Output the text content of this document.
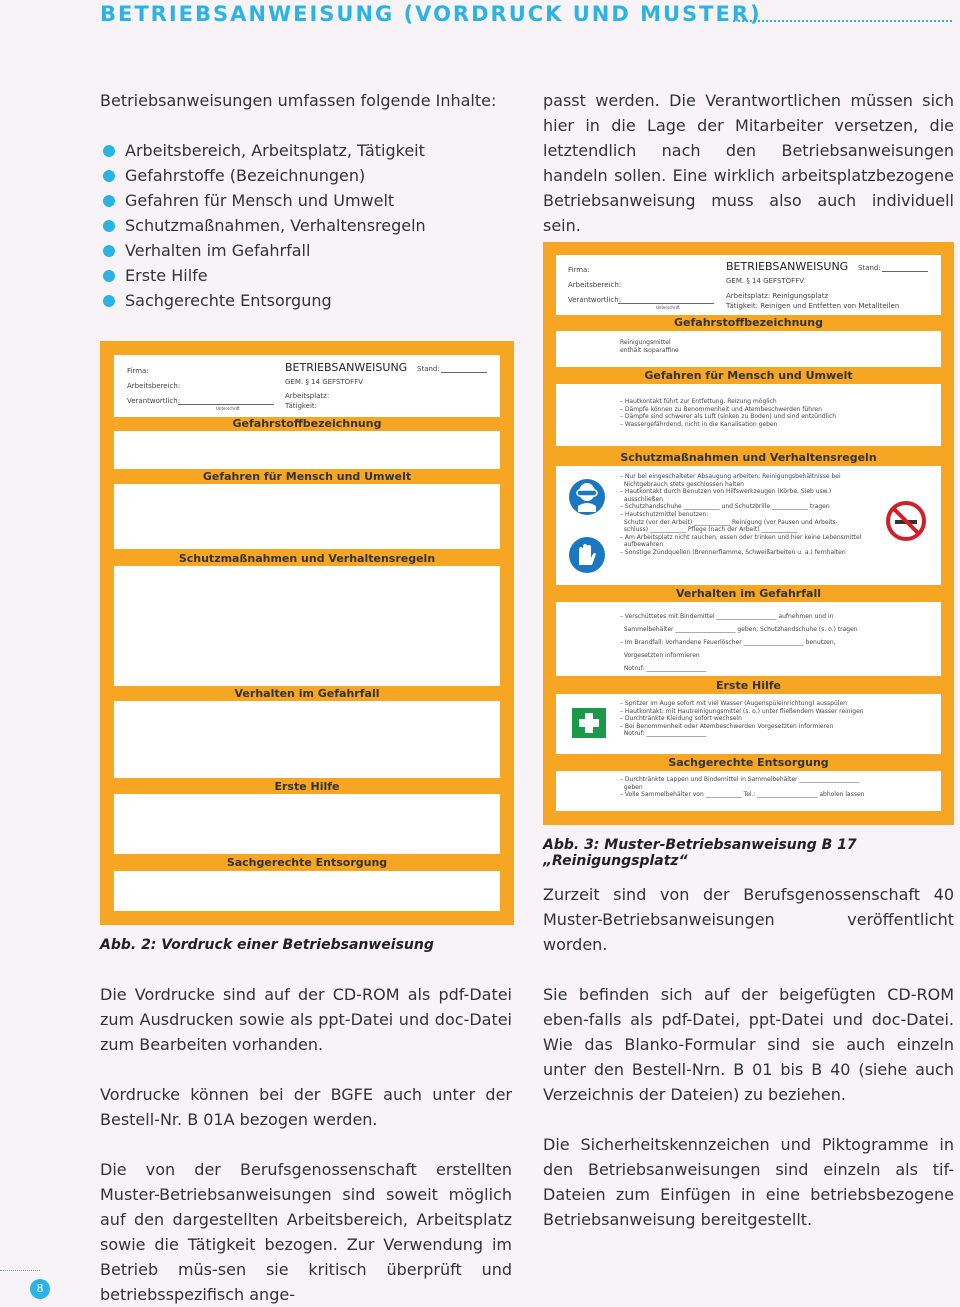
BETRIEBSANWEISUNG (VORDRUCK UND MUSTER)

Betriebsanweisungen umfassen folgende Inhalte:

Arbeitsbereich, Arbeitsplatz, Tätigkeit
Gefahrstoffe (Bezeichnungen)
Gefahren für Mensch und Umwelt
Schutzmaßnahmen, Verhaltensregeln
Verhalten im Gefahrfall
Erste Hilfe
Sachgerechte Entsorgung
Firma:
Arbeitsbereich:
Verantwortlich:
Unterschrift
BETRIEBSANWEISUNG
GEM. § 14 GEFSTOFFV
Stand:
Arbeitsplatz:
Tätigkeit:
Gefahrstoffbezeichnung
Gefahren für Mensch und Umwelt
Schutzmaßnahmen und Verhaltensregeln
Verhalten im Gefahrfall
Erste Hilfe
Sachgerechte Entsorgung
Abb. 2: Vordruck einer Betriebsanweisung

Die Vordrucke sind auf der CD-ROM als pdf-Datei zum Ausdrucken sowie als ppt-Datei und doc-Datei zum Bearbeiten vorhanden.

Vordrucke können bei der BGFE auch unter der Bestell-Nr. B 01A bezogen werden.

Die von der Berufsgenossenschaft erstellten Muster-Betriebsanweisungen sind soweit möglich auf den dargestellten Arbeitsbereich, Arbeitsplatz sowie die Tätigkeit bezogen. Zur Verwendung im Betrieb müs-sen sie kritisch überprüft und betriebsspezifisch ange-

passt werden. Die Verantwortlichen müssen sich hier in die Lage der Mitarbeiter versetzen, die letztendlich nach den Betriebsanweisungen handeln sollen. Eine wirklich arbeitsplatzbezogene Betriebsanweisung muss also auch individuell sein.

Firma:
Arbeitsbereich:
Verantwortlich:
Unterschrift
BETRIEBSANWEISUNG
GEM. § 14 GEFSTOFFV
Stand:
Arbeitsplatz: Reinigungsplatz
Tätigkeit: Reinigen und Entfetten von Metallteilen
Gefahrstoffbezeichnung
Reinigungsmittel
enthält Isoparaffine
Gefahren für Mensch und Umwelt
– Hautkontakt führt zur Entfettung, Reizung möglich
– Dämpfe können zu Benommenheit und Atembeschwerden führen
– Dämpfe sind schwerer als Luft (sinken zu Boden) und sind entzündlich
– Wassergefährdend, nicht in die Kanalisation geben
Schutzmaßnahmen und Verhaltensregeln
– Nur bei eingeschalteter Absaugung arbeiten; Reinigungsbehältnisse bei
Nichtgebrauch stets geschlossen halten
– Hautkontakt durch Benutzen von Hilfswerkzeugen (Körbe, Sieb usw.)
ausschließen
– Schutzhandschuhe ____________ und Schutzbrille ____________ tragen
– Hautschutzmittel benutzen:
Schutz (vor der Arbeit) ____________ Reinigung (vor Pausen und Arbeits-
schluss) ____________ Pflege (nach der Arbeit) ____________
– Am Arbeitsplatz nicht rauchen, essen oder trinken und hier keine Lebensmittel
aufbewahren
– Sonstige Zündquellen (Brennerflamme, Schweißarbeiten u. a.) fernhalten
Verhalten im Gefahrfall
– Verschüttetes mit Bindemittel ____________________ aufnehmen und in
Sammelbehälter ____________________ geben; Schutzhandschuhe (s. o.) tragen
– Im Brandfall: Vorhandene Feuerlöscher ____________________ benutzen,
Vorgesetzten informieren
Notruf: ____________________
Erste Hilfe
– Spritzer im Auge sofort mit viel Wasser (Augenspüleinrichtung) ausspülen
– Hautkontakt: mit Hautreinigungsmittel (s. o.) unter fließendem Wasser reinigen
– Durchtränkte Kleidung sofort wechseln
– Bei Benommenheit oder Atembeschwerden Vorgesetzten informieren
Notruf: ____________________
Sachgerechte Entsorgung
– Durchtränkte Lappen und Bindemittel in Sammelbehälter ____________________
geben
– Volle Sammelbehälter von ____________ Tel.: ____________________ abholen lassen
Abb. 3: Muster-Betriebsanweisung B 17 „Reinigungsplatz“

Zurzeit sind von der Berufsgenossenschaft 40 Muster-Betriebsanweisungen veröffentlicht worden.

Sie befinden sich auf der beigefügten CD-ROM eben-falls als pdf-Datei, ppt-Datei und doc-Datei. Wie das Blanko-Formular sind sie auch einzeln unter den Bestell-Nrn. B 01 bis B 40 (siehe auch Verzeichnis der Dateien) zu beziehen.

Die Sicherheitskennzeichen und Piktogramme in den Betriebsanweisungen sind einzeln als tif-Dateien zum Einfügen in eine betriebsbezogene Betriebsanweisung bereitgestellt.

8
